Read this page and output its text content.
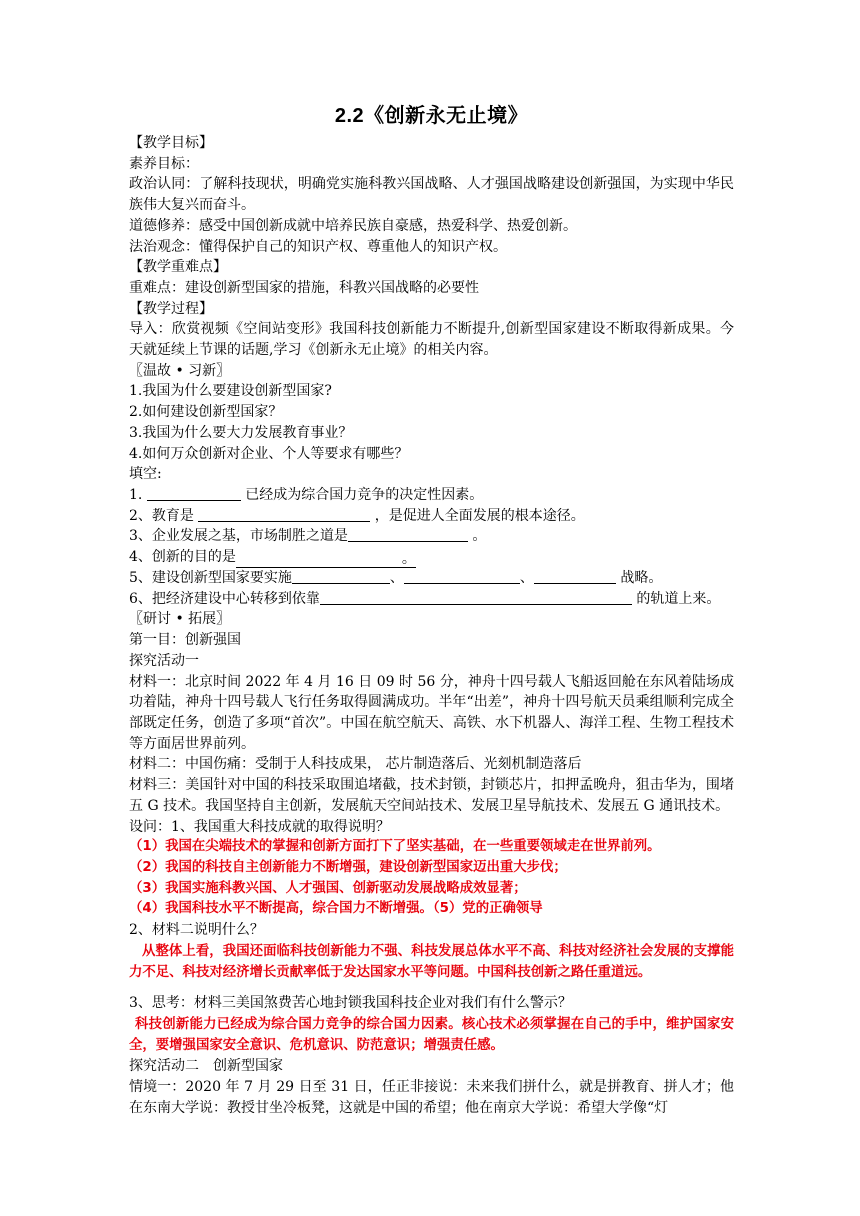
2.2《创新永无止境》
【教学目标】
素养目标：
政治认同：了解科技现状，明确党实施科教兴国战略、人才强国战略建设创新强国，为实现中华民族伟大复兴而奋斗。
道德修养：感受中国创新成就中培养民族自豪感，热爱科学、热爱创新。
法治观念：懂得保护自己的知识产权、尊重他人的知识产权。
【教学重难点】
重难点：建设创新型国家的措施，科教兴国战略的必要性
【教学过程】
导入：欣赏视频《空间站变形》我国科技创新能力不断提升,创新型国家建设不断取得新成果。今天就延续上节课的话题,学习《创新永无止境》的相关内容。
〖温故 • 习新〗
1.我国为什么要建设创新型国家?
2.如何建设创新型国家？
3.我国为什么要大力发展教育事业？
4.如何万众创新对企业、个人等要求有哪些？
填空:
1.	已经成为综合国力竞争的决定性因素。
2、教育是	，是促进人全面发展的根本途径。
3、企业发展之基，市场制胜之道是	。
4、创新的目的是	。
5、建设创新型国家要实施	、	、	战略。
6、把经济建设中心转移到依靠	的轨道上来。
〖研讨 • 拓展〗
第一目：创新强国
探究活动一
材料一：北京时间 2022 年 4 月 16 日 09 时 56 分，神舟十四号载人飞船返回舱在东风着陆场成功着陆，神舟十四号载人飞行任务取得圆满成功。半年“出差”，神舟十四号航天员乘组顺利完成全部既定任务，创造了多项“首次”。中国在航空航天、高铁、水下机器人、海洋工程、生物工程技术等方面居世界前列。
材料二：中国伤痛：受制于人科技成果， 芯片制造落后、光刻机制造落后
材料三：美国针对中国的科技采取围追堵截，技术封锁，封锁芯片，扣押孟晚舟，狙击华为，围堵五 G 技术。我国坚持自主创新，发展航天空间站技术、发展卫星导航技术、发展五 G 通讯技术。
设问：1、我国重大科技成就的取得说明？
（1）我国在尖端技术的掌握和创新方面打下了坚实基础，在一些重要领域走在世界前列。
（2）我国的科技自主创新能力不断增强，建设创新型国家迈出重大步伐；
（3）我国实施科教兴国、人才强国、创新驱动发展战略成效显著；
（4）我国科技水平不断提高，综合国力不断增强。（5）党的正确领导
2、材料二说明什么？
从整体上看，我国还面临科技创新能力不强、科技发展总体水平不高、科技对经济社会发展的支撑能力不足、科技对经济增长贡献率低于发达国家水平等问题。中国科技创新之路任重道远。
3、思考：材料三美国煞费苦心地封锁我国科技企业对我们有什么警示？
科技创新能力已经成为综合国力竞争的综合国力因素。核心技术必须掌握在自己的手中，维护国家安全，要增强国家安全意识、危机意识、防范意识；增强责任感。
探究活动二　创新型国家
情境一：2020 年 7 月 29 日至 31 日，任正非接说：未来我们拼什么，就是拼教育、拼人才；他在东南大学说：教授甘坐冷板凳，这就是中国的希望；他在南京大学说：希望大学像“灯
